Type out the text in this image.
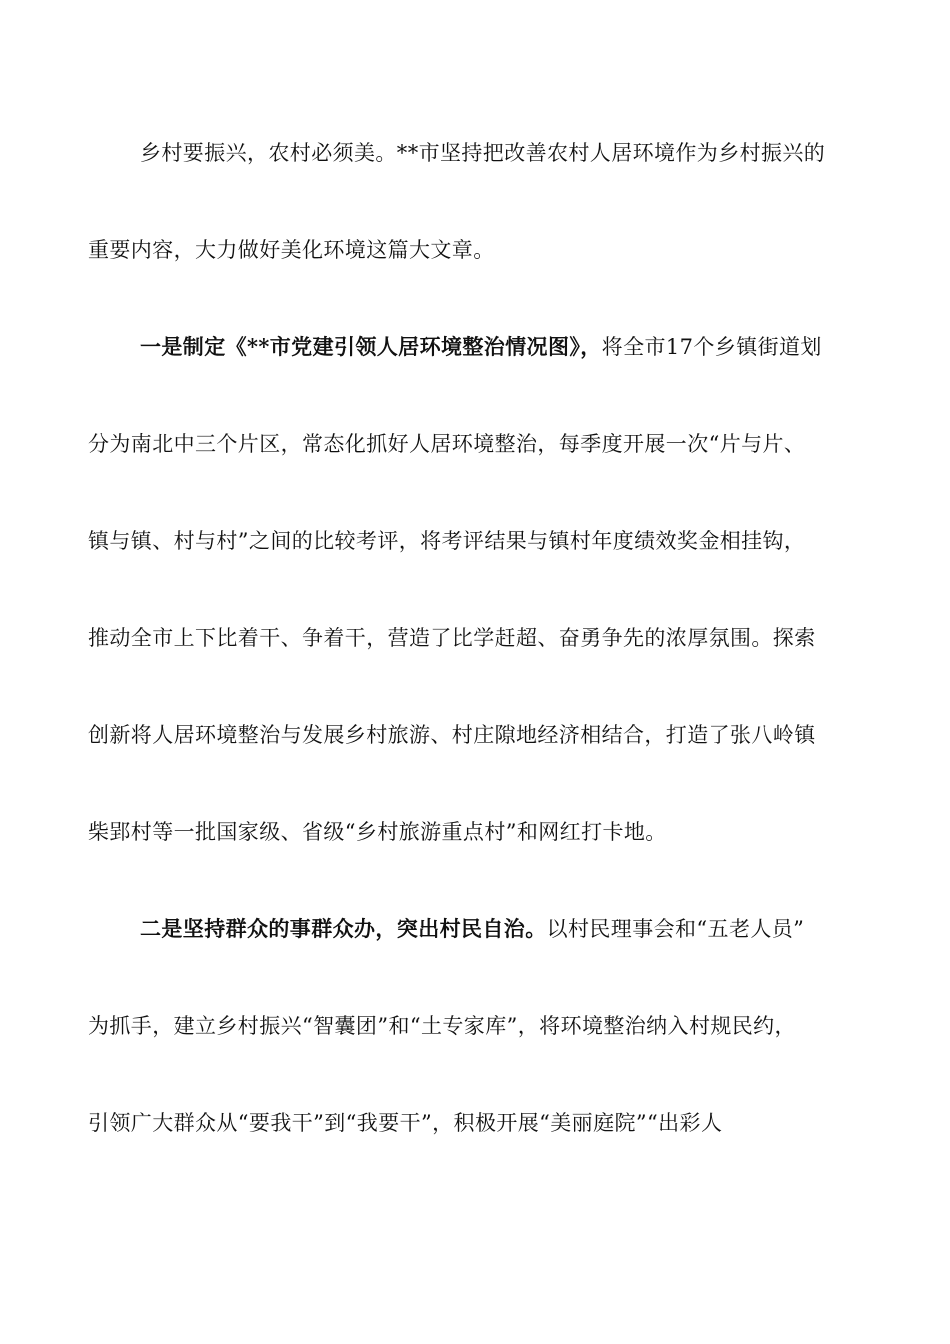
乡村要振兴，农村必须美。**市坚持把改善农村人居环境作为乡村振兴的
重要内容，大力做好美化环境这篇大文章。
一是制定《**市党建引领人居环境整治情况图》，将全市17个乡镇街道划
分为南北中三个片区，常态化抓好人居环境整治，每季度开展一次“片与片、
镇与镇、村与村”之间的比较考评，将考评结果与镇村年度绩效奖金相挂钩，
推动全市上下比着干、争着干，营造了比学赶超、奋勇争先的浓厚氛围。探索
创新将人居环境整治与发展乡村旅游、村庄隙地经济相结合，打造了张八岭镇
柴郢村等一批国家级、省级“乡村旅游重点村”和网红打卡地。
二是坚持群众的事群众办，突出村民自治。以村民理事会和“五老人员”
为抓手，建立乡村振兴“智囊团”和“土专家库”，将环境整治纳入村规民约，
引领广大群众从“要我干”到“我要干”，积极开展“美丽庭院”“出彩人
